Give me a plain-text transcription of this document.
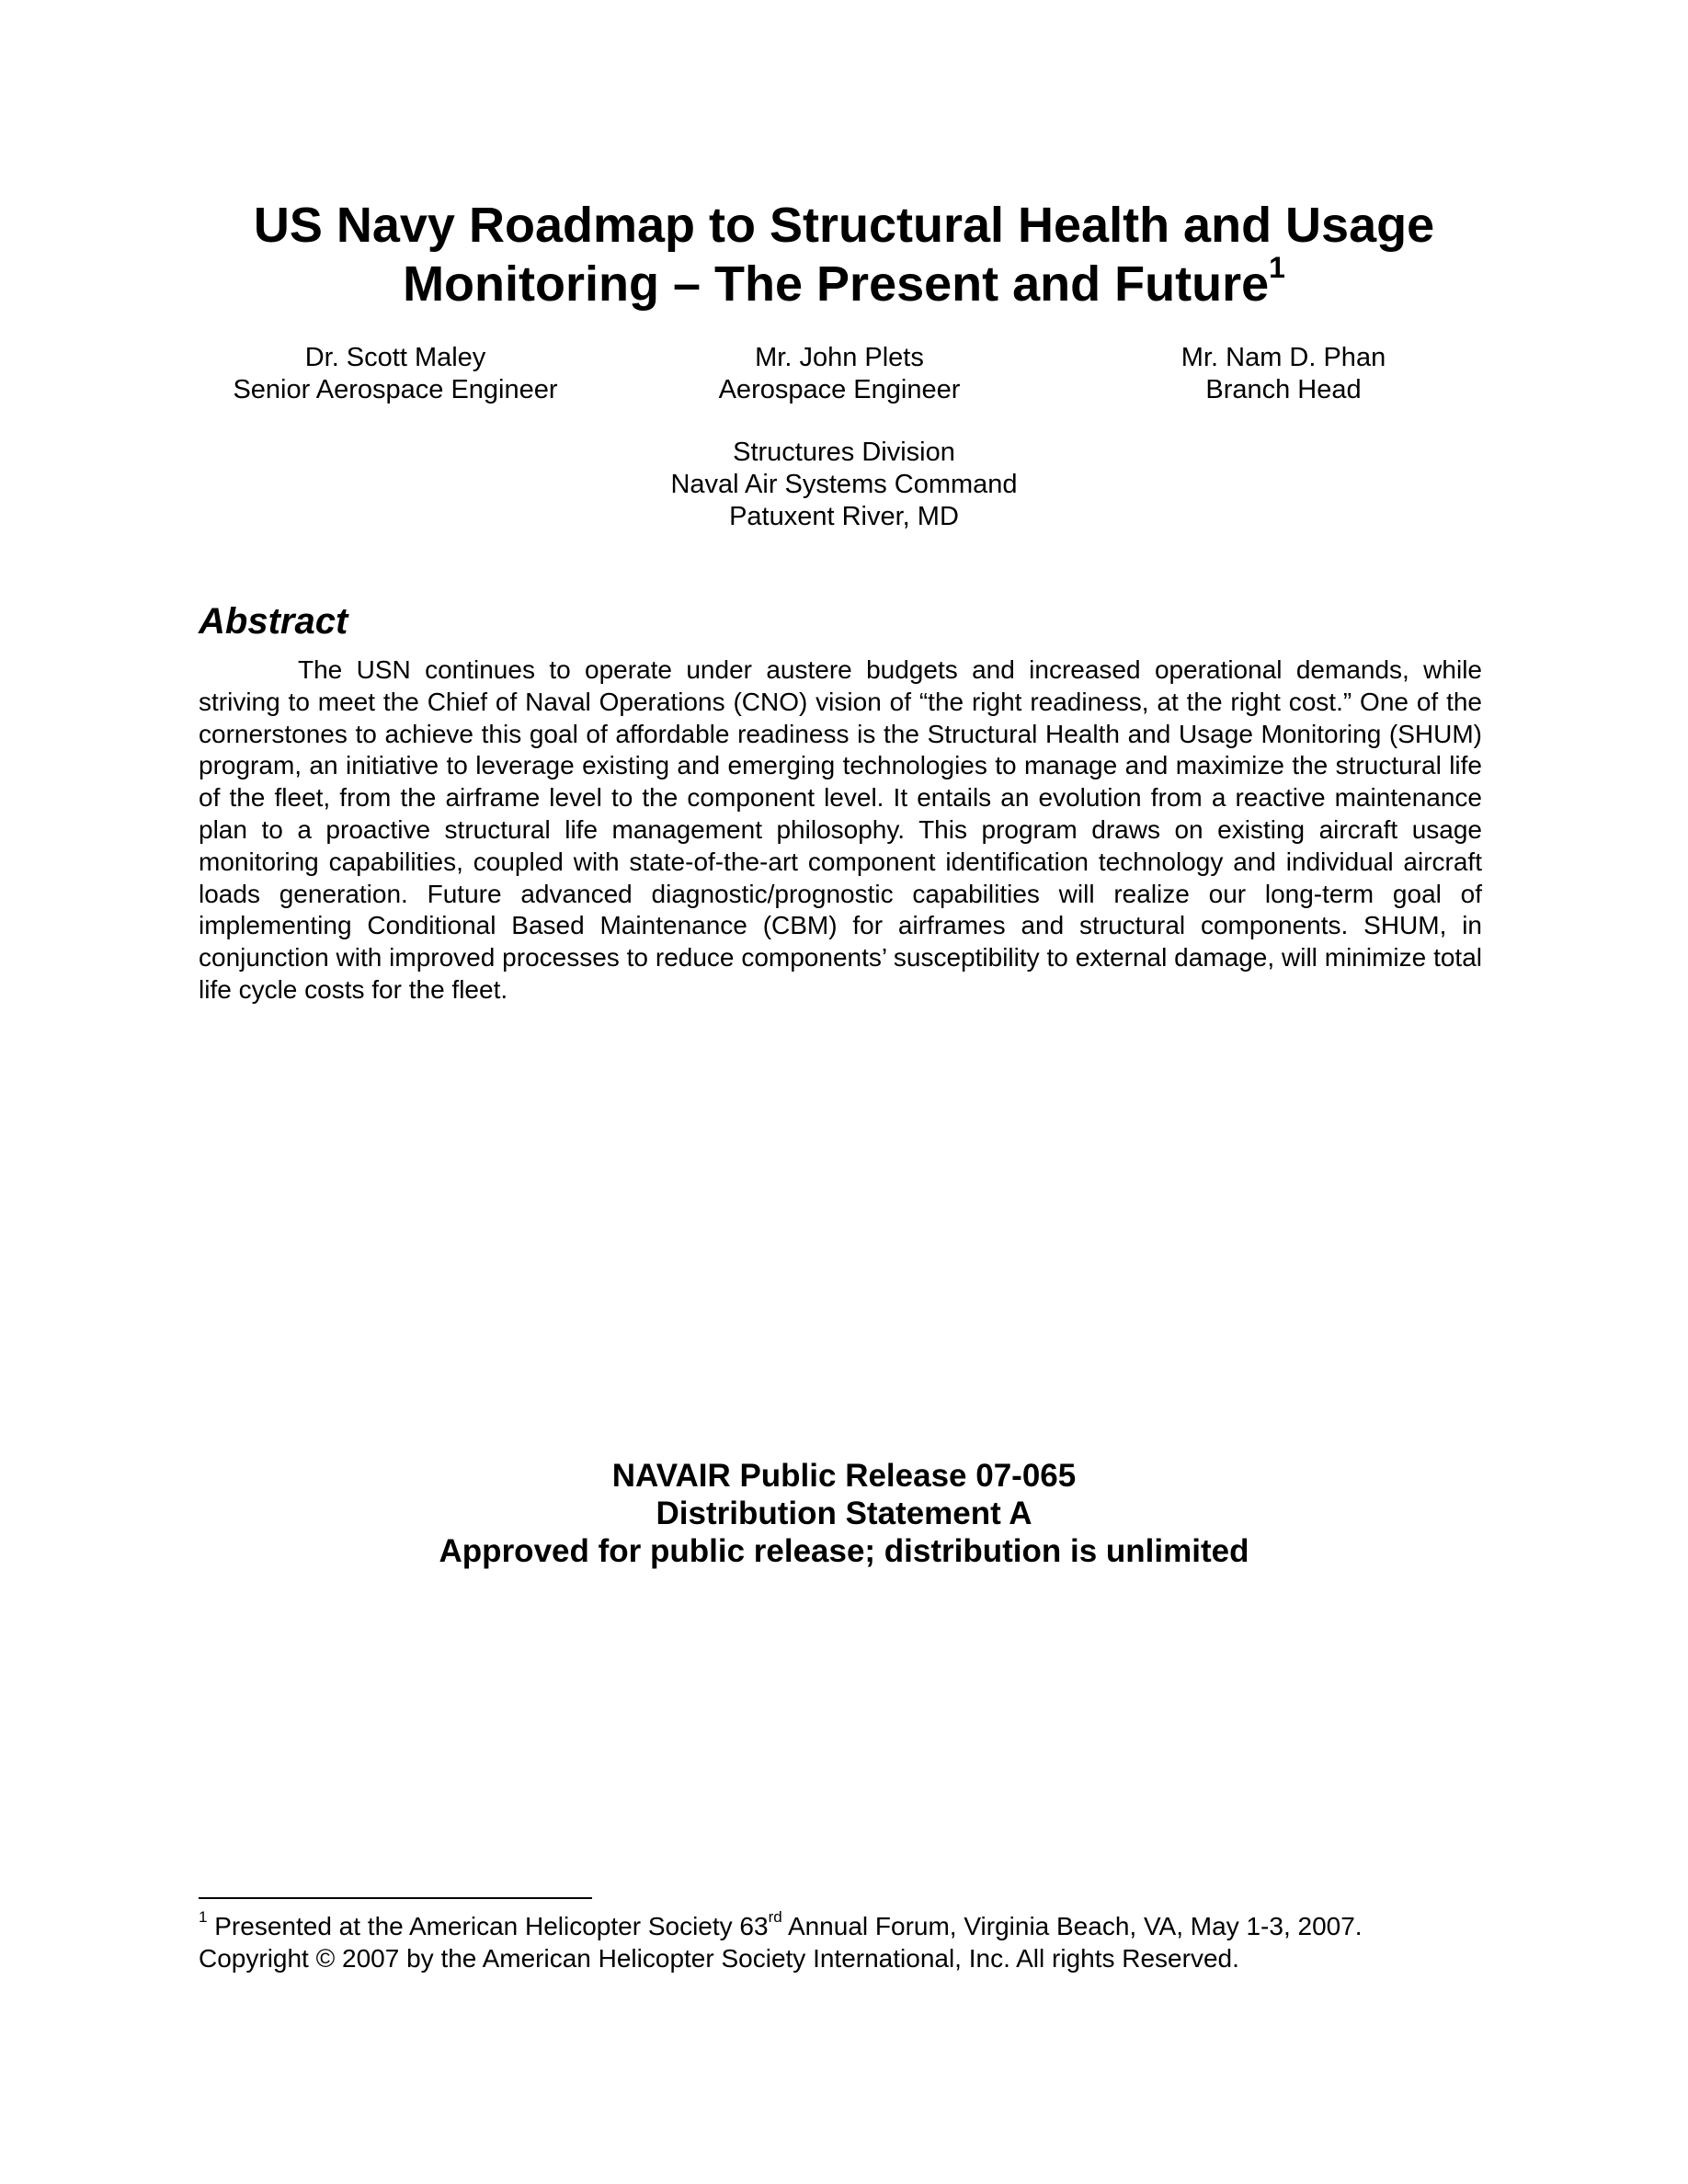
US Navy Roadmap to Structural Health and Usage
Monitoring – The Present and Future$^1$
Dr. Scott Maley
Senior Aerospace Engineer
Mr. John Plets
Aerospace Engineer
Mr. Nam D. Phan
Branch Head
Structures Division
Naval Air Systems Command
Patuxent River, MD
Abstract

The USN continues to operate under austere budgets and increased operational demands, while striving to meet the Chief of Naval Operations (CNO) vision of “the right readiness, at the right cost.” One of the cornerstones to achieve this goal of affordable readiness is the Structural Health and Usage Monitoring (SHUM) program, an initiative to leverage existing and emerging technologies to manage and maximize the structural life of the fleet, from the airframe level to the component level. It entails an evolution from a reactive maintenance plan to a proactive structural life management philosophy. This program draws on existing aircraft usage monitoring capabilities, coupled with state-of-the-art component identification technology and individual aircraft loads generation. Future advanced diagnostic/prognostic capabilities will realize our long-term goal of implementing Conditional Based Maintenance (CBM) for airframes and structural components. SHUM, in conjunction with improved processes to reduce components’ susceptibility to external damage, will minimize total life cycle costs for the fleet.

NAVAIR Public Release 07-065
Distribution Statement A
Approved for public release; distribution is unlimited
$^1$ Presented at the American Helicopter Society 63rd Annual Forum, Virginia Beach, VA, May 1-3, 2007.
Copyright © 2007 by the American Helicopter Society International, Inc. All rights Reserved.
